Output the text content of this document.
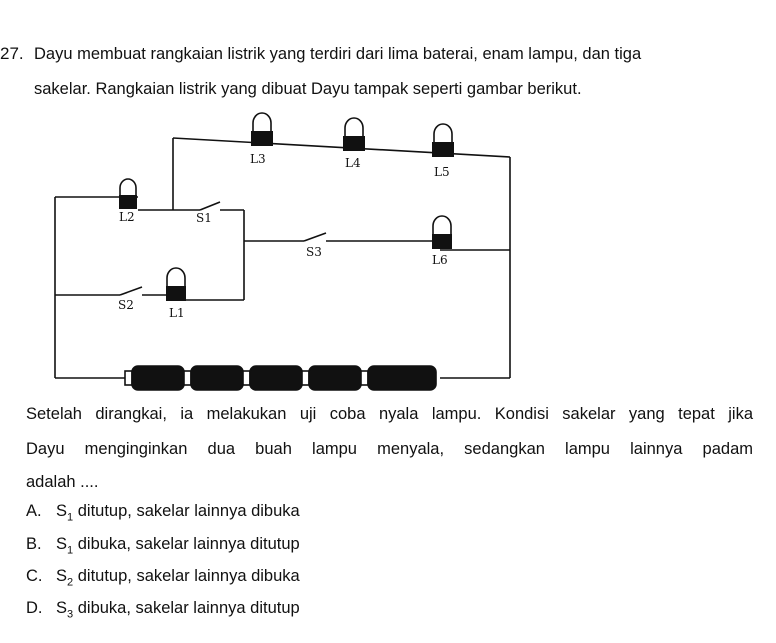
27. Dayu membuat rangkaian listrik yang terdiri dari lima baterai, enam lampu, dan tiga
sakelar. Rangkaian listrik yang dibuat Dayu tampak seperti gambar berikut.
L3	L4
L5
L2	S1
S3
L6
S2
L1
Setelah dirangkai, ia melakukan uji coba nyala lampu. Kondisi sakelar yang tepat jika
Dayu menginginkan dua buah lampu menyala, sedangkan lampu lainnya padam
adalah ....
A. $S_1$ ditutup, sakelar lainnya dibuka
B. $S_1$ dibuka, sakelar lainnya ditutup
C. $S_2$ ditutup, sakelar lainnya dibuka
D. $S_3$ dibuka, sakelar lainnya ditutup
